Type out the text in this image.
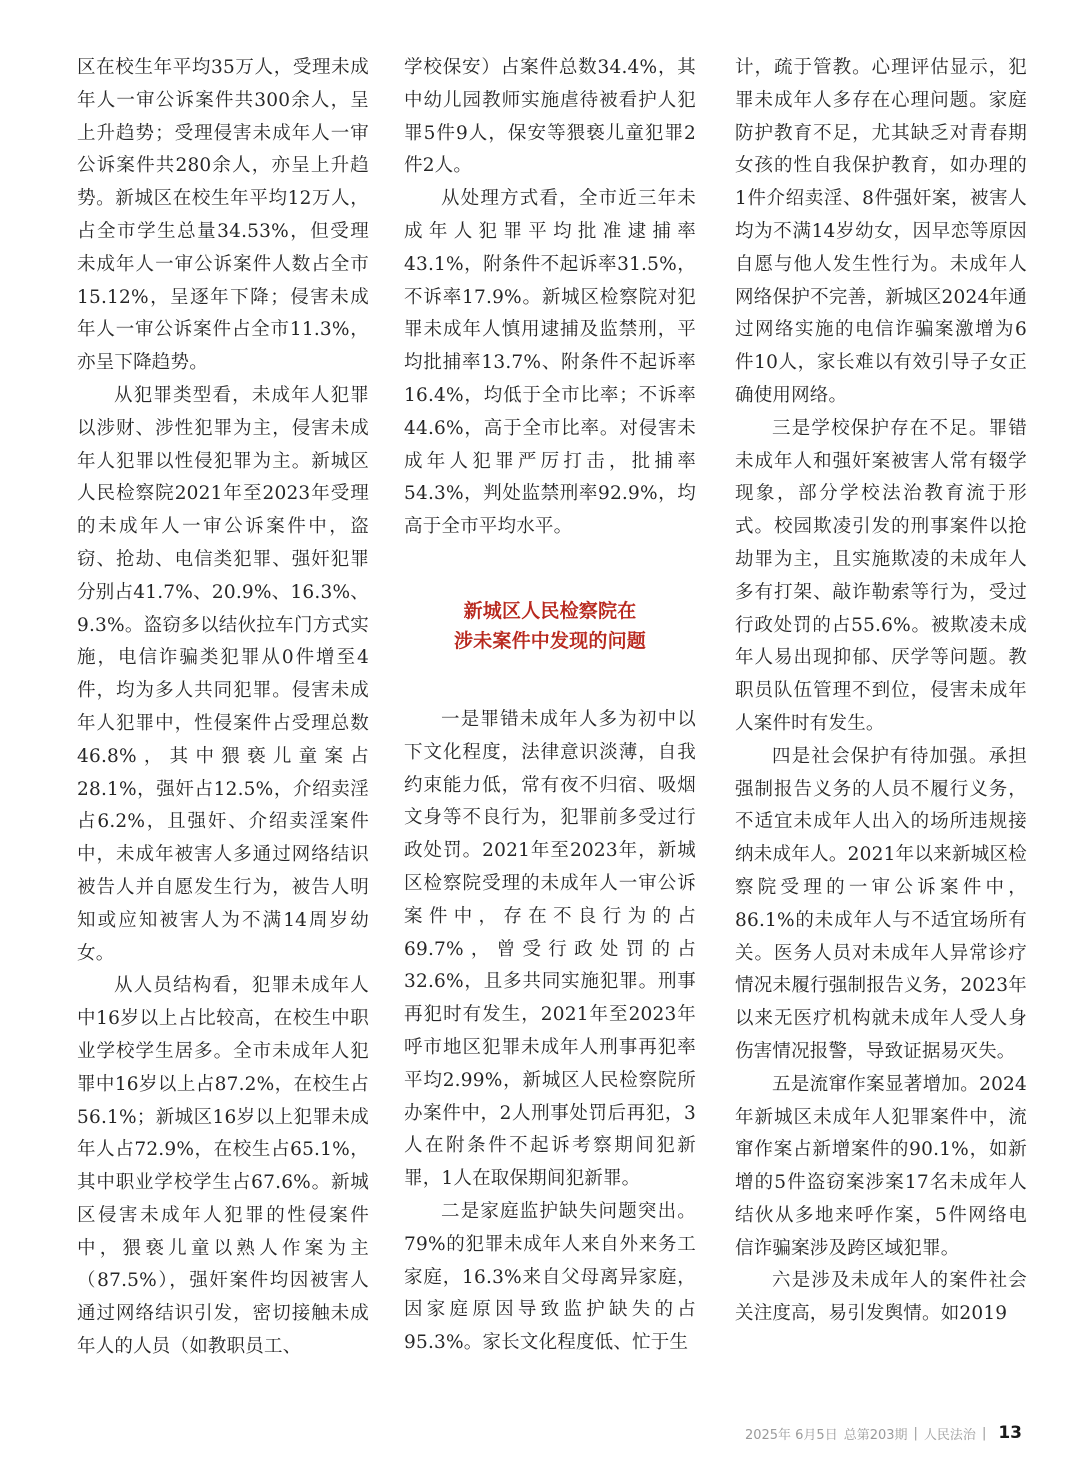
区在校生年平均35万人，受理未成年人一审公诉案件共300余人，呈上升趋势；受理侵害未成年人一审公诉案件共280余人，亦呈上升趋势。新城区在校生年平均12万人，占全市学生总量34.53%，但受理未成年人一审公诉案件人数占全市15.12%，呈逐年下降；侵害未成年人一审公诉案件占全市11.3%，亦呈下降趋势。

从犯罪类型看，未成年人犯罪以涉财、涉性犯罪为主，侵害未成年人犯罪以性侵犯罪为主。新城区人民检察院2021年至2023年受理的未成年人一审公诉案件中，盗窃、抢劫、电信类犯罪、强奸犯罪分别占41.7%、20.9%、16.3%、9.3%。盗窃多以结伙拉车门方式实施，电信诈骗类犯罪从0件增至4件，均为多人共同犯罪。侵害未成年人犯罪中，性侵案件占受理总数46.8%，其中猥亵儿童案占28.1%，强奸占12.5%，介绍卖淫占6.2%，且强奸、介绍卖淫案件中，未成年被害人多通过网络结识被告人并自愿发生行为，被告人明知或应知被害人为不满14周岁幼女。

从人员结构看，犯罪未成年人中16岁以上占比较高，在校生中职业学校学生居多。全市未成年人犯罪中16岁以上占87.2%，在校生占56.1%；新城区16岁以上犯罪未成年人占72.9%，在校生占65.1%，其中职业学校学生占67.6%。新城区侵害未成年人犯罪的性侵案件中，猥亵儿童以熟人作案为主（87.5%），强奸案件均因被害人通过网络结识引发，密切接触未成年人的人员（如教职员工、

学校保安）占案件总数34.4%，其中幼儿园教师实施虐待被看护人犯罪5件9人，保安等猥亵儿童犯罪2件2人。

从处理方式看，全市近三年未成年人犯罪平均批准逮捕率43.1%，附条件不起诉率31.5%，不诉率17.9%。新城区检察院对犯罪未成年人慎用逮捕及监禁刑，平均批捕率13.7%、附条件不起诉率16.4%，均低于全市比率；不诉率44.6%，高于全市比率。对侵害未成年人犯罪严厉打击，批捕率54.3%，判处监禁刑率92.9%，均高于全市平均水平。

新城区人民检察院在
涉未案件中发现的问题

一是罪错未成年人多为初中以下文化程度，法律意识淡薄，自我约束能力低，常有夜不归宿、吸烟文身等不良行为，犯罪前多受过行政处罚。2021年至2023年，新城区检察院受理的未成年人一审公诉案件中，存在不良行为的占69.7%，曾受行政处罚的占32.6%，且多共同实施犯罪。刑事再犯时有发生，2021年至2023年呼市地区犯罪未成年人刑事再犯率平均2.99%，新城区人民检察院所办案件中，2人刑事处罚后再犯，3人在附条件不起诉考察期间犯新罪，1人在取保期间犯新罪。

二是家庭监护缺失问题突出。79%的犯罪未成年人来自外来务工家庭，16.3%来自父母离异家庭，因家庭原因导致监护缺失的占95.3%。家长文化程度低、忙于生

计，疏于管教。心理评估显示，犯罪未成年人多存在心理问题。家庭防护教育不足，尤其缺乏对青春期女孩的性自我保护教育，如办理的1件介绍卖淫、8件强奸案，被害人均为不满14岁幼女，因早恋等原因自愿与他人发生性行为。未成年人网络保护不完善，新城区2024年通过网络实施的电信诈骗案激增为6件10人，家长难以有效引导子女正确使用网络。

三是学校保护存在不足。罪错未成年人和强奸案被害人常有辍学现象，部分学校法治教育流于形式。校园欺凌引发的刑事案件以抢劫罪为主，且实施欺凌的未成年人多有打架、敲诈勒索等行为，受过行政处罚的占55.6%。被欺凌未成年人易出现抑郁、厌学等问题。教职员队伍管理不到位，侵害未成年人案件时有发生。

四是社会保护有待加强。承担强制报告义务的人员不履行义务，不适宜未成年人出入的场所违规接纳未成年人。2021年以来新城区检察院受理的一审公诉案件中，86.1%的未成年人与不适宜场所有关。医务人员对未成年人异常诊疗情况未履行强制报告义务，2023年以来无医疗机构就未成年人受人身伤害情况报警，导致证据易灭失。

五是流窜作案显著增加。2024年新城区未成年人犯罪案件中，流窜作案占新增案件的90.1%，如新增的5件盗窃案涉案17名未成年人结伙从多地来呼作案，5件网络电信诈骗案涉及跨区域犯罪。

六是涉及未成年人的案件社会关注度高，易引发舆情。如2019

2025年 6月5日 总第203期 | 人民法治 | 13
